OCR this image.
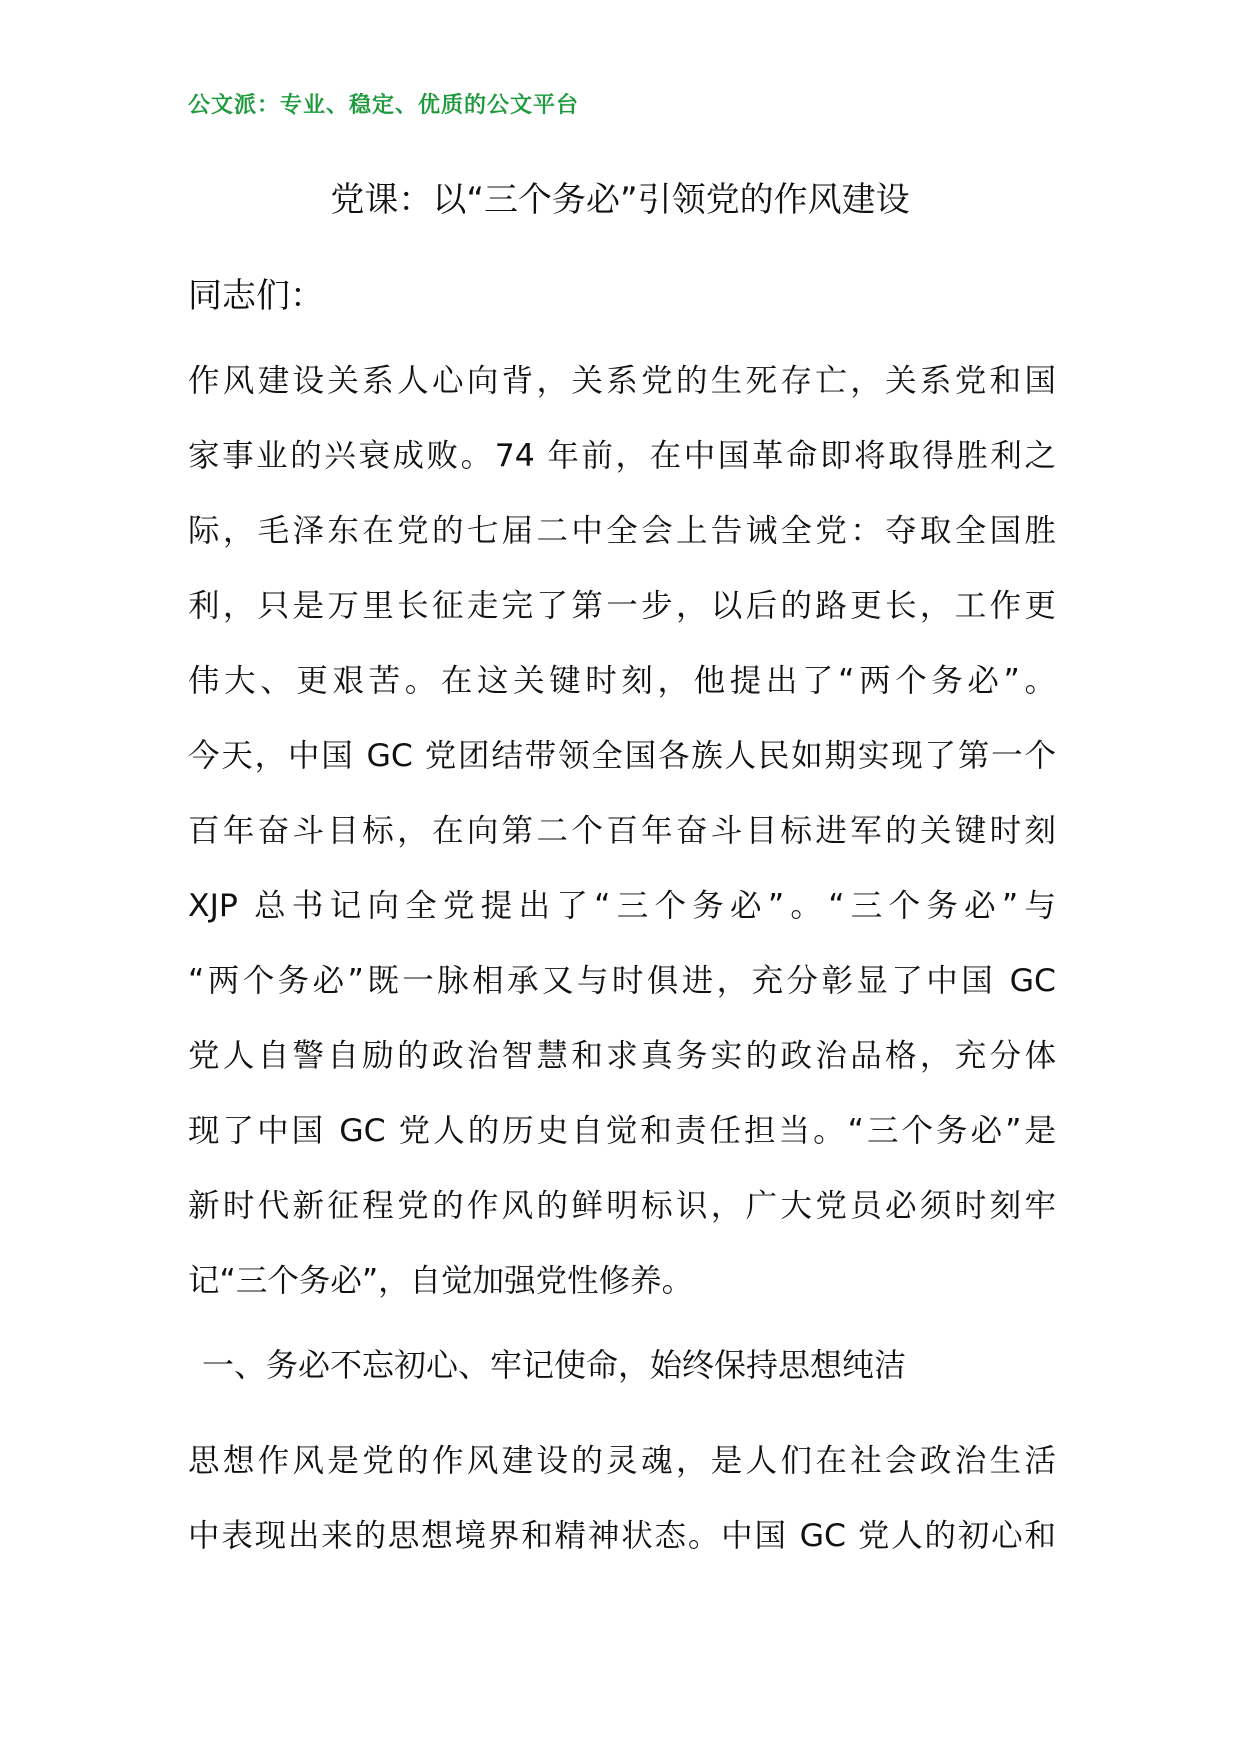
公文派：专业、稳定、优质的公文平台
党课：以“三个务必”引领党的作风建设
同志们：
作风建设关系人心向背，关系党的生死存亡，关系党和国
家事业的兴衰成败。74 年前，在中国革命即将取得胜利之
际，毛泽东在党的七届二中全会上告诫全党：夺取全国胜
利，只是万里长征走完了第一步，以后的路更长，工作更
伟大、更艰苦。在这关键时刻，他提出了“两个务必”。
今天，中国 GC 党团结带领全国各族人民如期实现了第一个
百年奋斗目标，在向第二个百年奋斗目标进军的关键时刻
XJP 总书记向全党提出了“三个务必”。“三个务必”与
“两个务必”既一脉相承又与时俱进，充分彰显了中国 GC
党人自警自励的政治智慧和求真务实的政治品格，充分体
现了中国 GC 党人的历史自觉和责任担当。“三个务必”是
新时代新征程党的作风的鲜明标识，广大党员必须时刻牢
记“三个务必”，自觉加强党性修养。
一、务必不忘初心、牢记使命，始终保持思想纯洁
思想作风是党的作风建设的灵魂，是人们在社会政治生活
中表现出来的思想境界和精神状态。中国 GC 党人的初心和
